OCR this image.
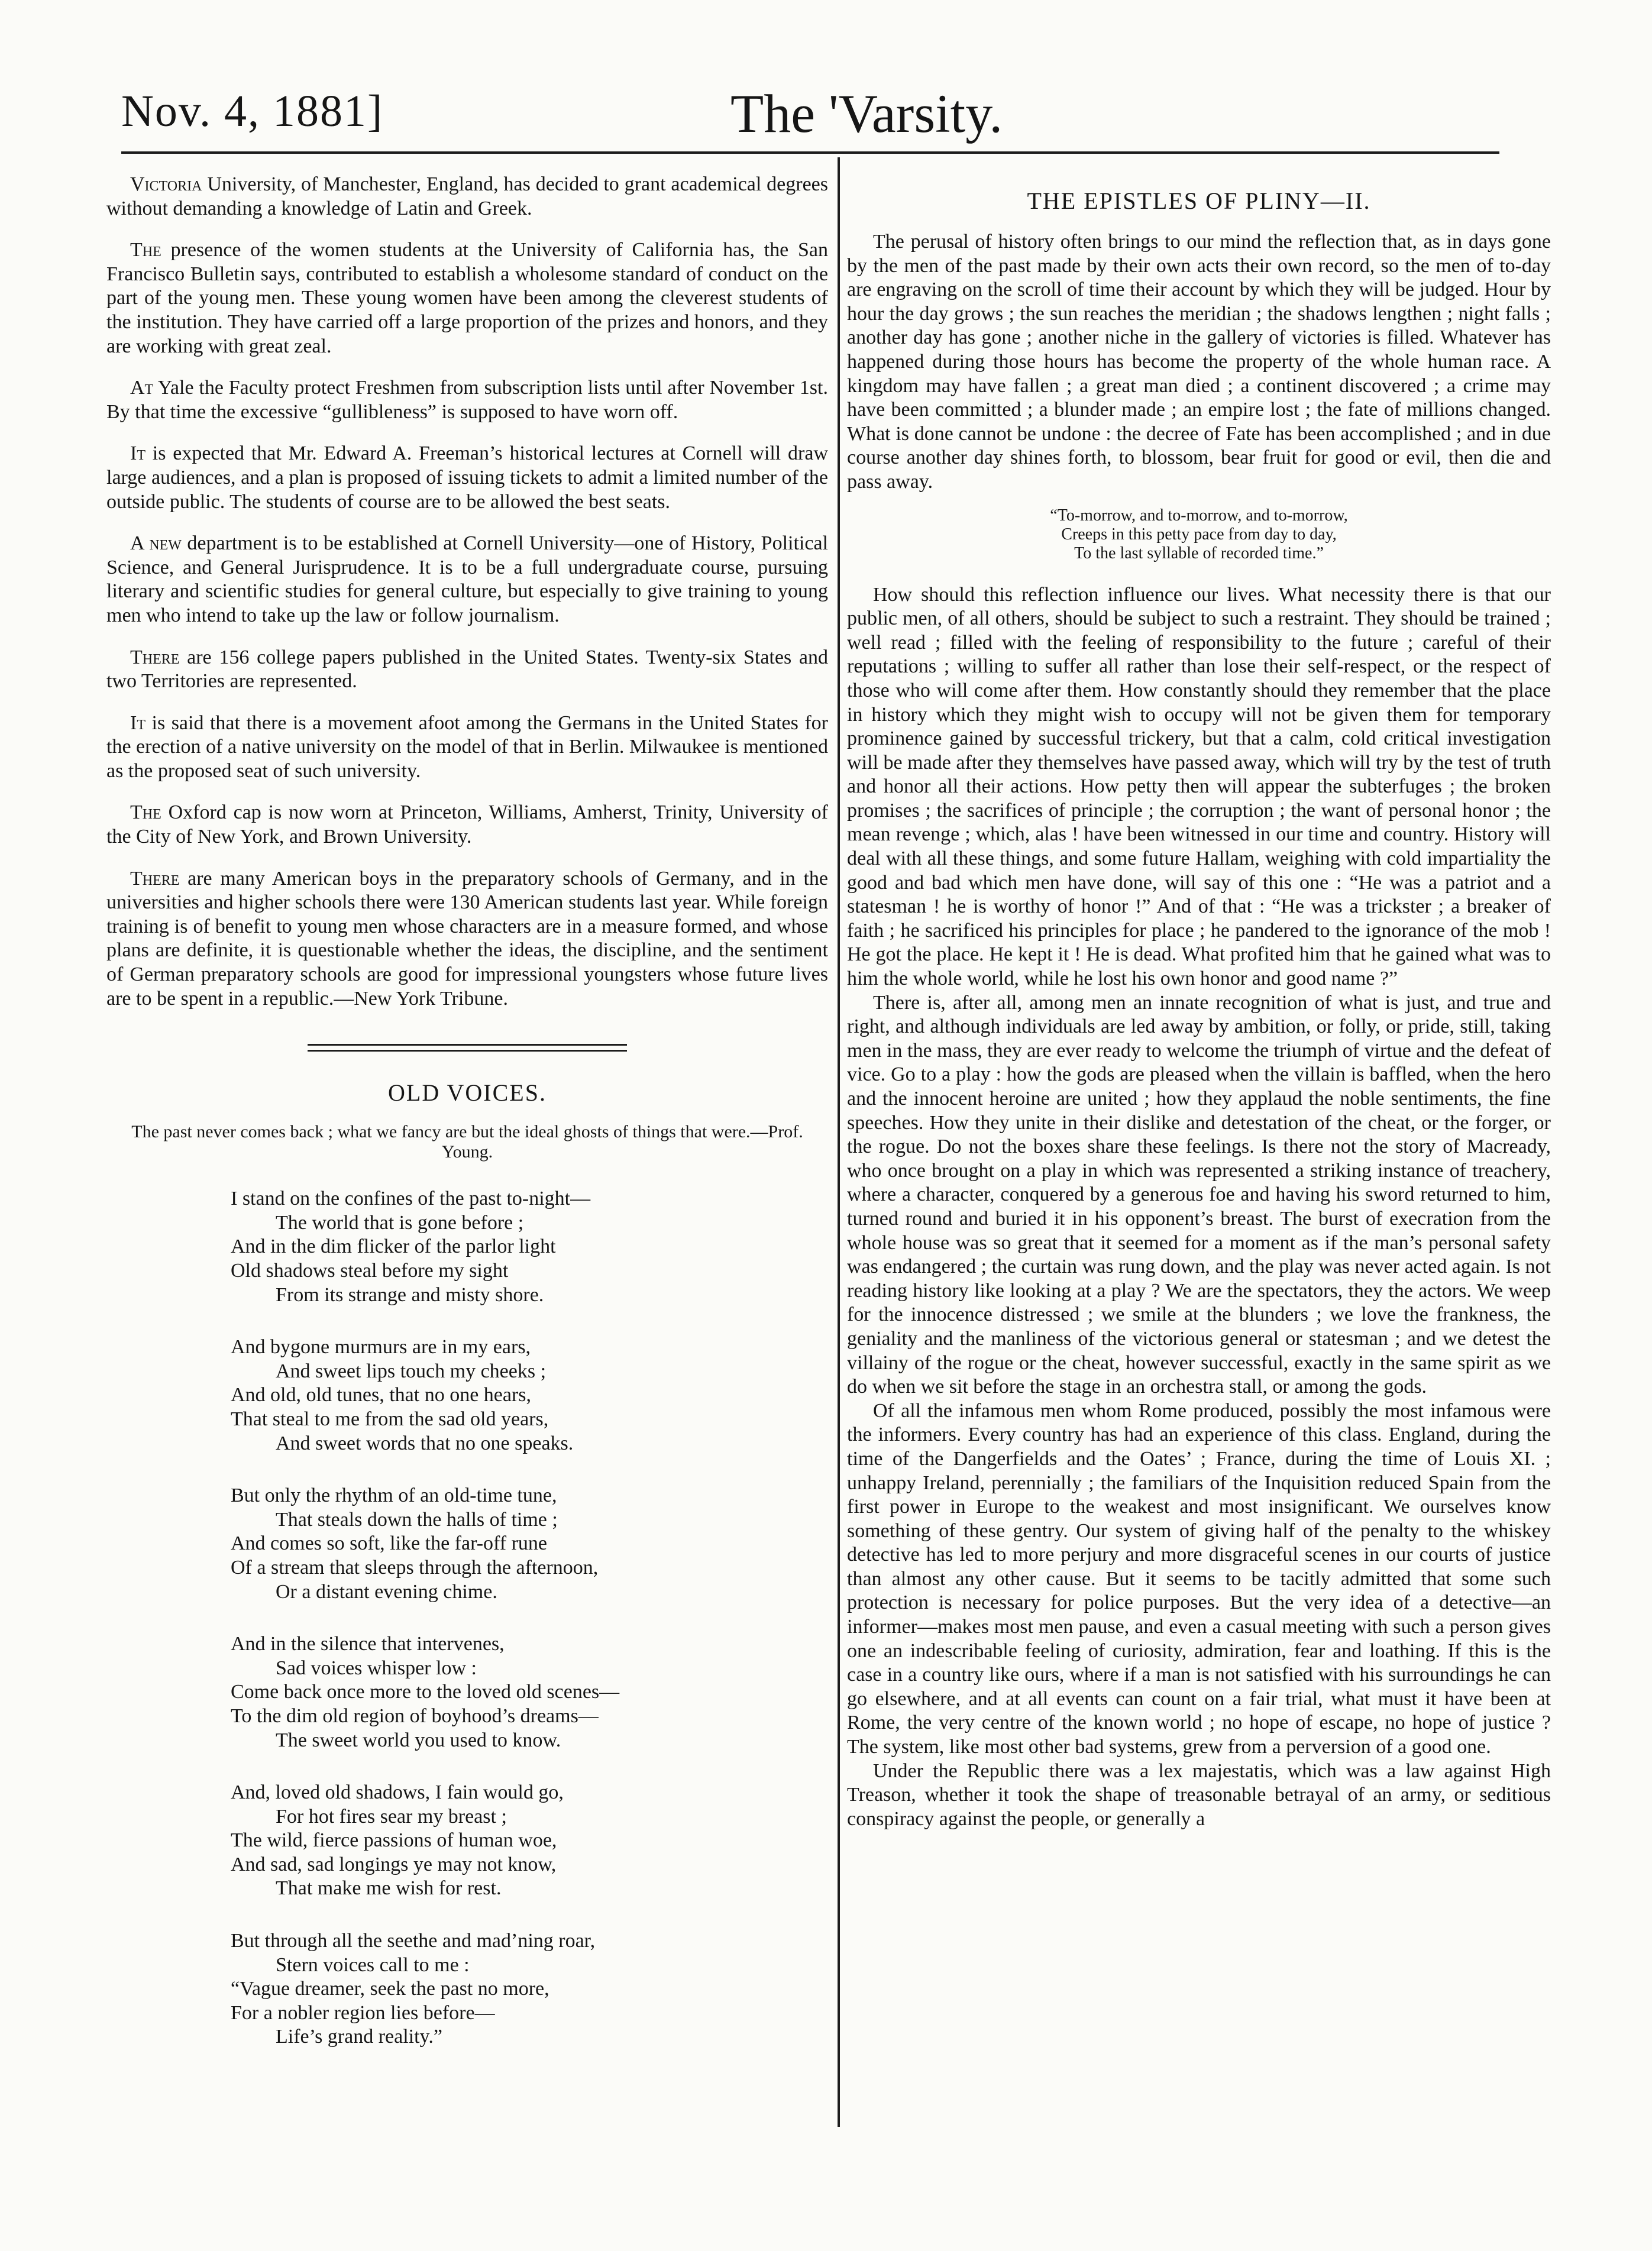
Nov. 4, 1881]	The 'Varsity.

Victoria University, of Manchester, England, has decided to grant academical degrees without demanding a knowledge of Latin and Greek.

The presence of the women students at the University of California has, the San Francisco Bulletin says, contributed to establish a wholesome standard of conduct on the part of the young men. These young women have been among the cleverest students of the institution. They have carried off a large proportion of the prizes and honors, and they are working with great zeal.

At Yale the Faculty protect Freshmen from subscription lists until after November 1st. By that time the excessive “gullibleness” is supposed to have worn off.

It is expected that Mr. Edward A. Freeman’s historical lectures at Cornell will draw large audiences, and a plan is proposed of issuing tickets to admit a limited number of the outside public. The students of course are to be allowed the best seats.

A new department is to be established at Cornell University—one of History, Political Science, and General Jurisprudence. It is to be a full undergraduate course, pursuing literary and scientific studies for general culture, but especially to give training to young men who intend to take up the law or follow journalism.

There are 156 college papers published in the United States. Twenty-six States and two Territories are represented.

It is said that there is a movement afoot among the Germans in the United States for the erection of a native university on the model of that in Berlin. Milwaukee is mentioned as the proposed seat of such university.

The Oxford cap is now worn at Princeton, Williams, Amherst, Trinity, University of the City of New York, and Brown University.

There are many American boys in the preparatory schools of Germany, and in the universities and higher schools there were 130 American students last year. While foreign training is of benefit to young men whose characters are in a measure formed, and whose plans are definite, it is questionable whether the ideas, the discipline, and the sentiment of German preparatory schools are good for impressional youngsters whose future lives are to be spent in a republic.—New York Tribune.

OLD VOICES.

The past never comes back ; what we fancy are but the ideal ghosts of things that were.—Prof. Young.

I stand on the confines of the past to-night—
The world that is gone before ;
And in the dim flicker of the parlor light
Old shadows steal before my sight
From its strange and misty shore.
And bygone murmurs are in my ears,
And sweet lips touch my cheeks ;
And old, old tunes, that no one hears,
That steal to me from the sad old years,
And sweet words that no one speaks.
But only the rhythm of an old-time tune,
That steals down the halls of time ;
And comes so soft, like the far-off rune
Of a stream that sleeps through the afternoon,
Or a distant evening chime.
And in the silence that intervenes,
Sad voices whisper low :
Come back once more to the loved old scenes—
To the dim old region of boyhood’s dreams—
The sweet world you used to know.
And, loved old shadows, I fain would go,
For hot fires sear my breast ;
The wild, fierce passions of human woe,
And sad, sad longings ye may not know,
That make me wish for rest.
But through all the seethe and mad’ning roar,
Stern voices call to me :
“Vague dreamer, seek the past no more,
For a nobler region lies before—
Life’s grand reality.”
THE EPISTLES OF PLINY—II.

The perusal of history often brings to our mind the reflection that, as in days gone by the men of the past made by their own acts their own record, so the men of to-day are engraving on the scroll of time their account by which they will be judged. Hour by hour the day grows ; the sun reaches the meridian ; the shadows lengthen ; night falls ; another day has gone ; another niche in the gallery of victories is filled. Whatever has happened during those hours has become the property of the whole human race. A kingdom may have fallen ; a great man died ; a continent discovered ; a crime may have been committed ; a blunder made ; an empire lost ; the fate of millions changed. What is done cannot be undone : the decree of Fate has been accomplished ; and in due course another day shines forth, to blossom, bear fruit for good or evil, then die and pass away.

“To-morrow, and to-morrow, and to-morrow,
Creeps in this petty pace from day to day,
To the last syllable of recorded time.”

How should this reflection influence our lives. What necessity there is that our public men, of all others, should be subject to such a restraint. They should be trained ; well read ; filled with the feeling of responsibility to the future ; careful of their reputations ; willing to suffer all rather than lose their self-respect, or the respect of those who will come after them. How constantly should they remember that the place in history which they might wish to occupy will not be given them for temporary prominence gained by successful trickery, but that a calm, cold critical investigation will be made after they themselves have passed away, which will try by the test of truth and honor all their actions. How petty then will appear the subterfuges ; the broken promises ; the sacrifices of principle ; the corruption ; the want of personal honor ; the mean revenge ; which, alas ! have been witnessed in our time and country. History will deal with all these things, and some future Hallam, weighing with cold impartiality the good and bad which men have done, will say of this one : “He was a patriot and a statesman ! he is worthy of honor !” And of that : “He was a trickster ; a breaker of faith ; he sacrificed his principles for place ; he pandered to the ignorance of the mob ! He got the place. He kept it ! He is dead. What profited him that he gained what was to him the whole world, while he lost his own honor and good name ?”

There is, after all, among men an innate recognition of what is just, and true and right, and although individuals are led away by ambition, or folly, or pride, still, taking men in the mass, they are ever ready to welcome the triumph of virtue and the defeat of vice. Go to a play : how the gods are pleased when the villain is baffled, when the hero and the innocent heroine are united ; how they applaud the noble sentiments, the fine speeches. How they unite in their dislike and detestation of the cheat, or the forger, or the rogue. Do not the boxes share these feelings. Is there not the story of Macready, who once brought on a play in which was represented a striking instance of treachery, where a character, conquered by a generous foe and having his sword returned to him, turned round and buried it in his opponent’s breast. The burst of execration from the whole house was so great that it seemed for a moment as if the man’s personal safety was endangered ; the curtain was rung down, and the play was never acted again. Is not reading history like looking at a play ? We are the spectators, they the actors. We weep for the innocence distressed ; we smile at the blunders ; we love the frankness, the geniality and the manliness of the victorious general or statesman ; and we detest the villainy of the rogue or the cheat, however successful, exactly in the same spirit as we do when we sit before the stage in an orchestra stall, or among the gods.

Of all the infamous men whom Rome produced, possibly the most infamous were the informers. Every country has had an experience of this class. England, during the time of the Dangerfields and the Oates’ ; France, during the time of Louis XI. ; unhappy Ireland, perennially ; the familiars of the Inquisition reduced Spain from the first power in Europe to the weakest and most insignificant. We ourselves know something of these gentry. Our system of giving half of the penalty to the whiskey detective has led to more perjury and more disgraceful scenes in our courts of justice than almost any other cause. But it seems to be tacitly admitted that some such protection is necessary for police purposes. But the very idea of a detective—an informer—makes most men pause, and even a casual meeting with such a person gives one an indescribable feeling of curiosity, admiration, fear and loathing. If this is the case in a country like ours, where if a man is not satisfied with his surroundings he can go elsewhere, and at all events can count on a fair trial, what must it have been at Rome, the very centre of the known world ; no hope of escape, no hope of justice ? The system, like most other bad systems, grew from a perversion of a good one.

Under the Republic there was a lex majestatis, which was a law against High Treason, whether it took the shape of treasonable betrayal of an army, or seditious conspiracy against the people, or generally a
